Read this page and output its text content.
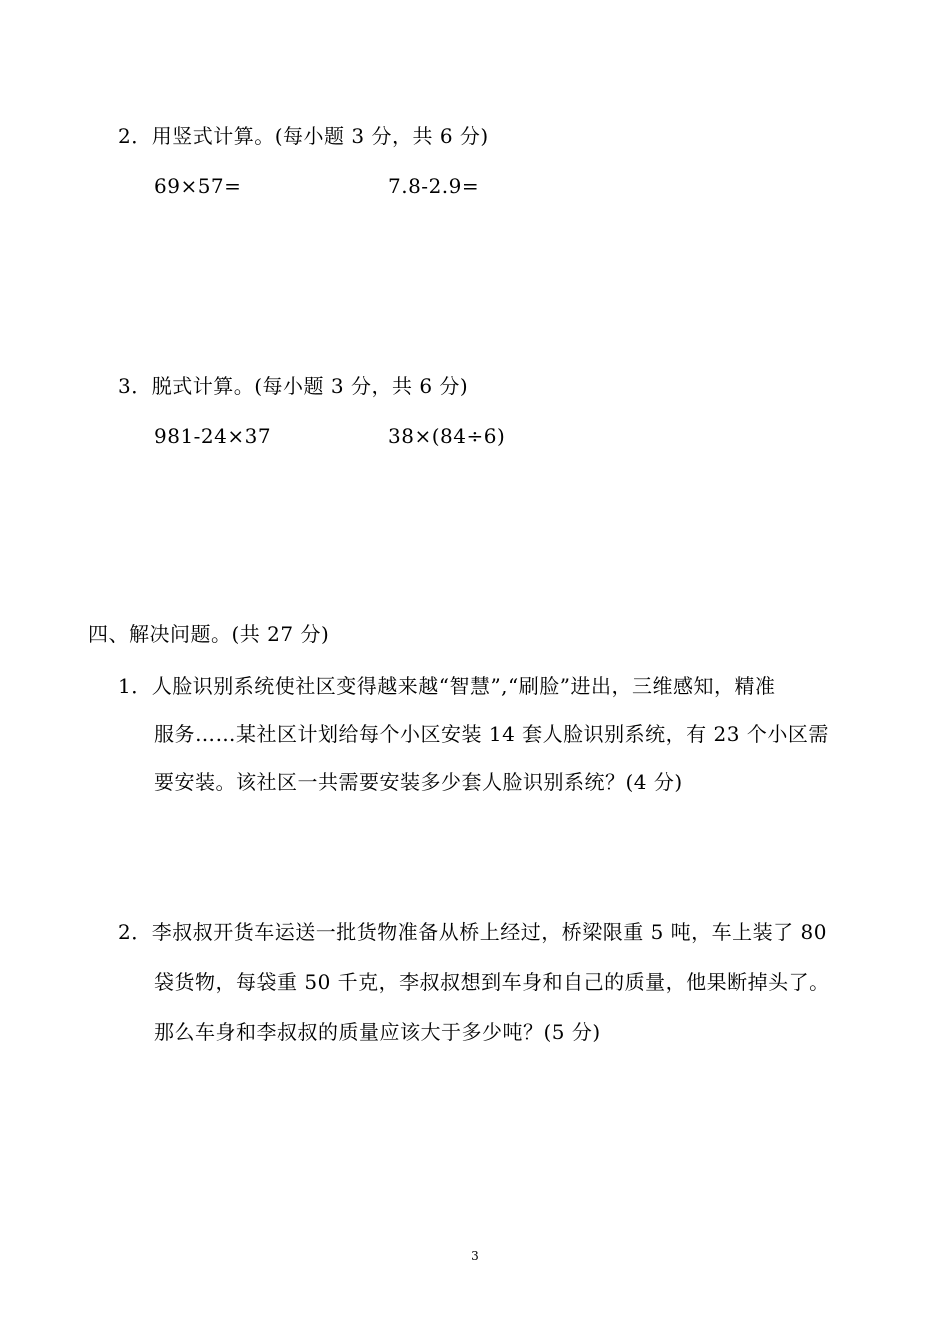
2．用竖式计算。(每小题 3 分，共 6 分)
69×57=	7.8-2.9=
3．脱式计算。(每小题 3 分，共 6 分)
981-24×37	38×(84÷6)
四、解决问题。(共 27 分)
1．人脸识别系统使社区变得越来越“智慧”,“刷脸”进出，三维感知，精准
服务……某社区计划给每个小区安装 14 套人脸识别系统，有 23 个小区需
要安装。该社区一共需要安装多少套人脸识别系统？(4 分)
2．李叔叔开货车运送一批货物准备从桥上经过，桥梁限重 5 吨，车上装了 80
袋货物，每袋重 50 千克，李叔叔想到车身和自己的质量，他果断掉头了。
那么车身和李叔叔的质量应该大于多少吨？(5 分)
3
